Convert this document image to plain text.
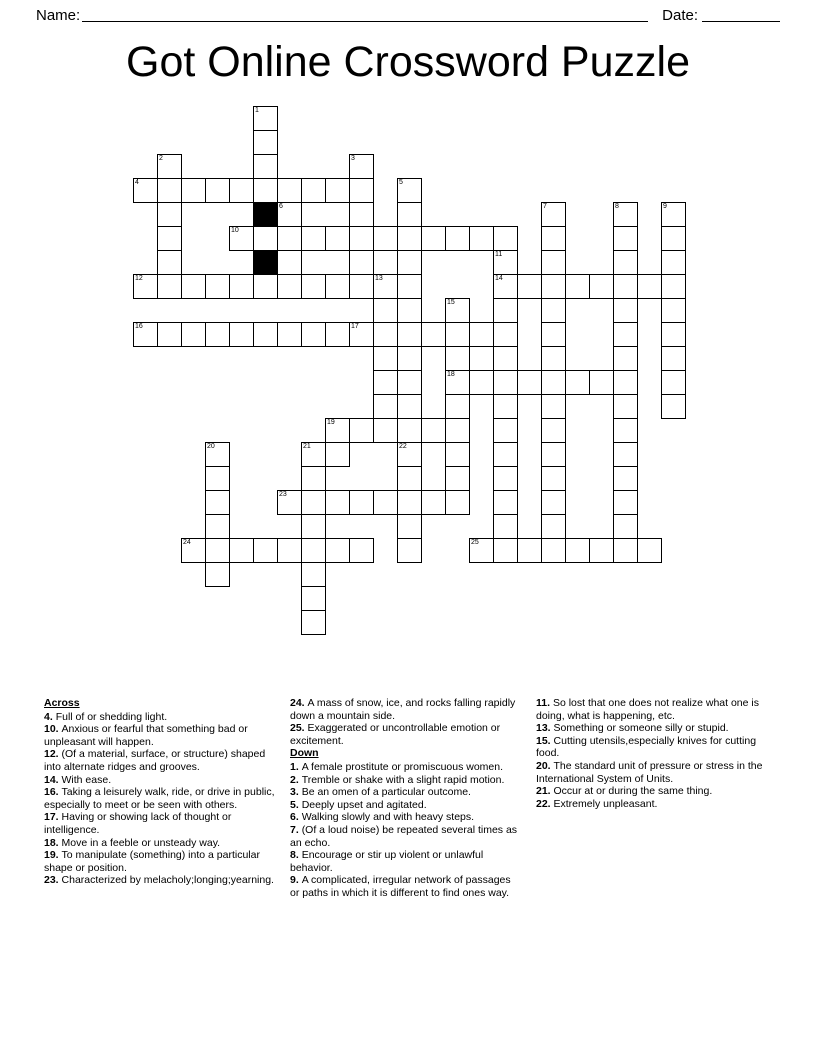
Name:	Date:
Got Online Crossword Puzzle
1
2	3
4	5
6	7	8	9
10
11
12	13	14
15
16	17
18
19
20	21	22
23
24	25
Across
4. Full of or shedding light.
10. Anxious or fearful that something bad or unpleasant will happen.
12. (Of a material, surface, or structure) shaped into alternate ridges and grooves.
14. With ease.
16. Taking a leisurely walk, ride, or drive in public, especially to meet or be seen with others.
17. Having or showing lack of thought or intelligence.
18. Move in a feeble or unsteady way.
19. To manipulate (something) into a particular shape or position.
23. Characterized by melacholy;longing;yearning.
24. A mass of snow, ice, and rocks falling rapidly down a mountain side.
25. Exaggerated or uncontrollable emotion or excitement.
Down
1. A female prostitute or promiscuous women.
2. Tremble or shake with a slight rapid motion.
3. Be an omen of a particular outcome.
5. Deeply upset and agitated.
6. Walking slowly and with heavy steps.
7. (Of a loud noise) be repeated several times as an echo.
8. Encourage or stir up violent or unlawful behavior.
9. A complicated, irregular network of passages or paths in which it is different to find ones way.
11. So lost that one does not realize what one is doing, what is happening, etc.
13. Something or someone silly or stupid.
15. Cutting utensils,especially knives for cutting food.
20. The standard unit of pressure or stress in the International System of Units.
21. Occur at or during the same thing.
22. Extremely unpleasant.
